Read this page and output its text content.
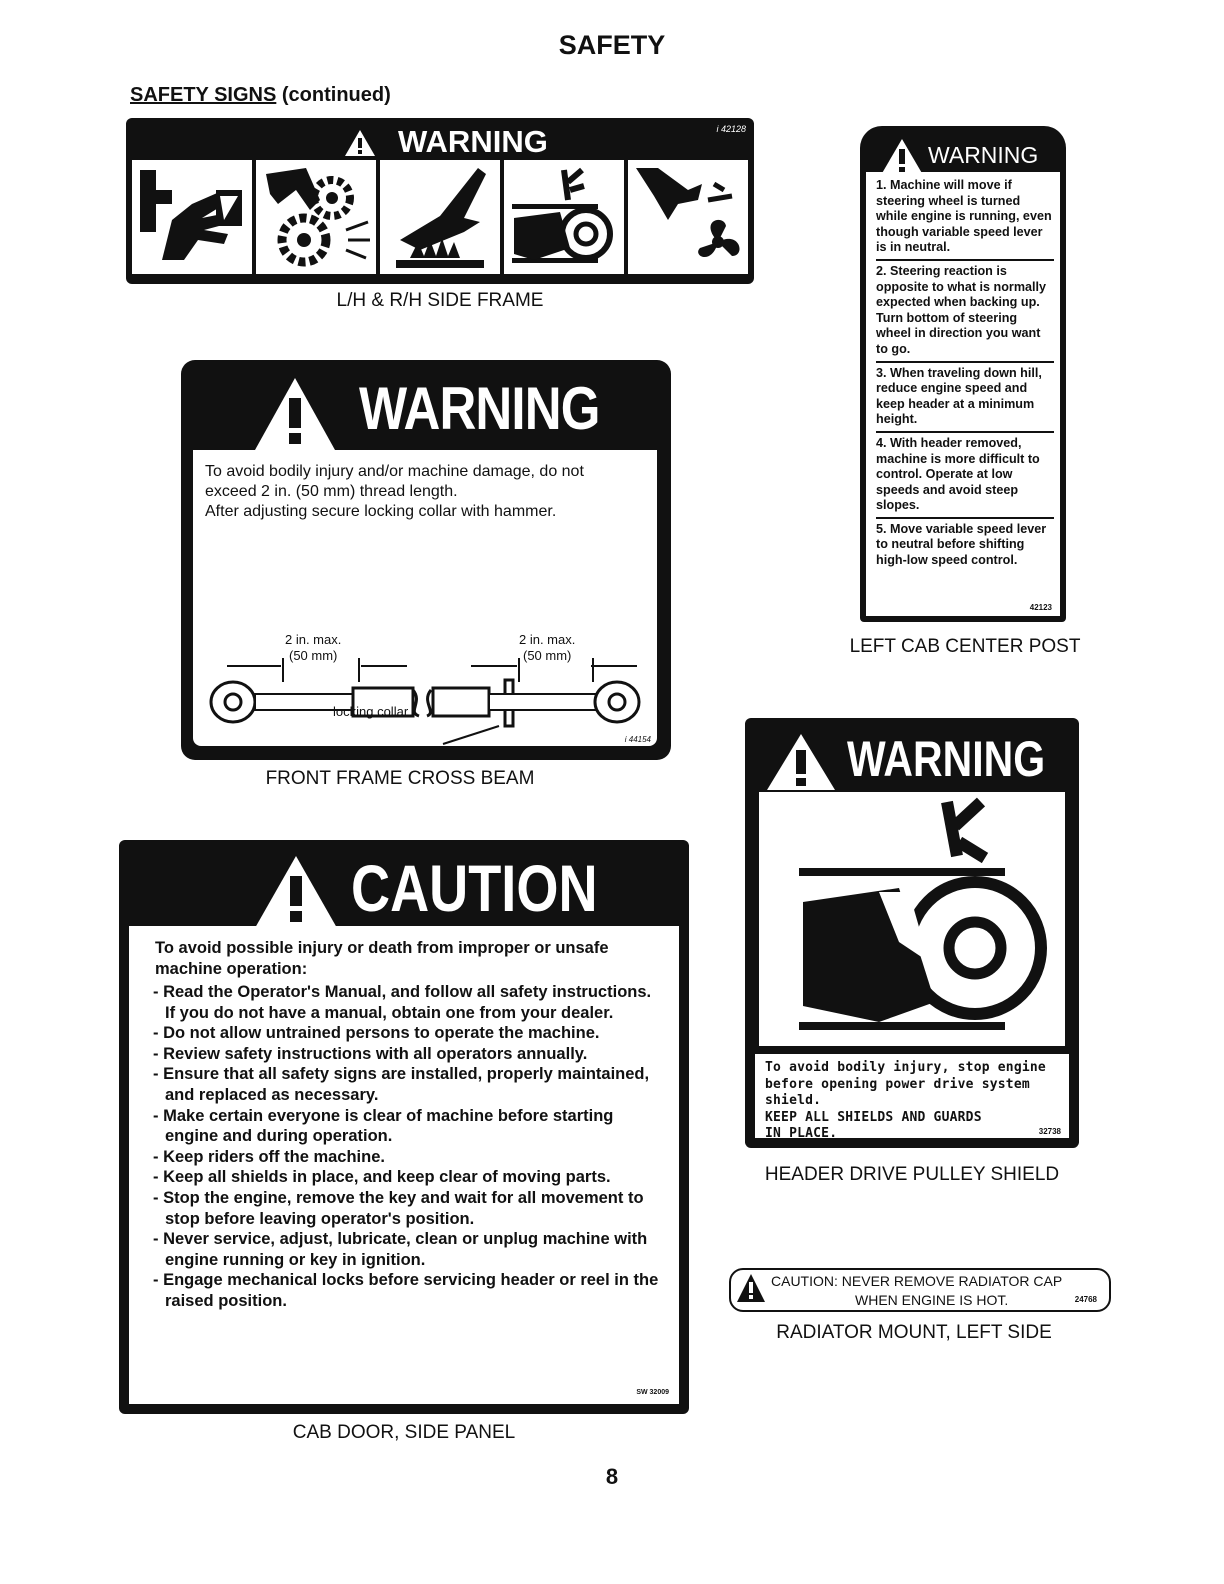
SAFETY
SAFETY SIGNS (continued)
WARNING	i 42128
L/H & R/H SIDE FRAME
WARNING
To avoid bodily injury and/or machine damage, do not
exceed 2 in. (50 mm) thread length.
After adjusting secure locking collar with hammer.
2 in. max.
(50 mm)
2 in. max.
(50 mm)
locking collar
i 44154
FRONT FRAME CROSS BEAM
CAUTION
To avoid possible injury or death from improper or unsafe machine operation:
- Read the Operator's Manual, and follow all safety instructions. If you do not have a manual, obtain one from your dealer.
- Do not allow untrained persons to operate the machine.
- Review safety instructions with all operators annually.
- Ensure that all safety signs are installed, properly maintained, and replaced as necessary.
- Make certain everyone is clear of machine before starting engine and during operation.
- Keep riders off the machine.
- Keep all shields in place, and keep clear of moving parts.
- Stop the engine, remove the key and wait for all movement to stop before leaving operator's position.
- Never service, adjust, lubricate, clean or unplug machine with engine running or key in ignition.
- Engage mechanical locks before servicing header or reel in the raised position.
SW 32009
CAB DOOR, SIDE PANEL
WARNING
1. Machine will move if steering wheel is turned while engine is running, even though variable speed lever is in neutral.
2. Steering reaction is opposite to what is normally expected when backing up. Turn bottom of steering wheel in direction you want to go.
3. When traveling down hill, reduce engine speed and keep header at a minimum height.
4. With header removed, machine is more difficult to control. Operate at low speeds and avoid steep slopes.
5. Move variable speed lever to neutral before shifting high-low speed control.
42123
LEFT CAB CENTER POST
WARNING
To avoid bodily injury, stop engine
before opening power drive system
shield.
KEEP ALL SHIELDS AND GUARDS
IN PLACE.	32738
HEADER DRIVE PULLEY SHIELD
CAUTION: NEVER REMOVE RADIATOR CAP
WHEN ENGINE IS HOT.	24768
RADIATOR MOUNT, LEFT SIDE
8
